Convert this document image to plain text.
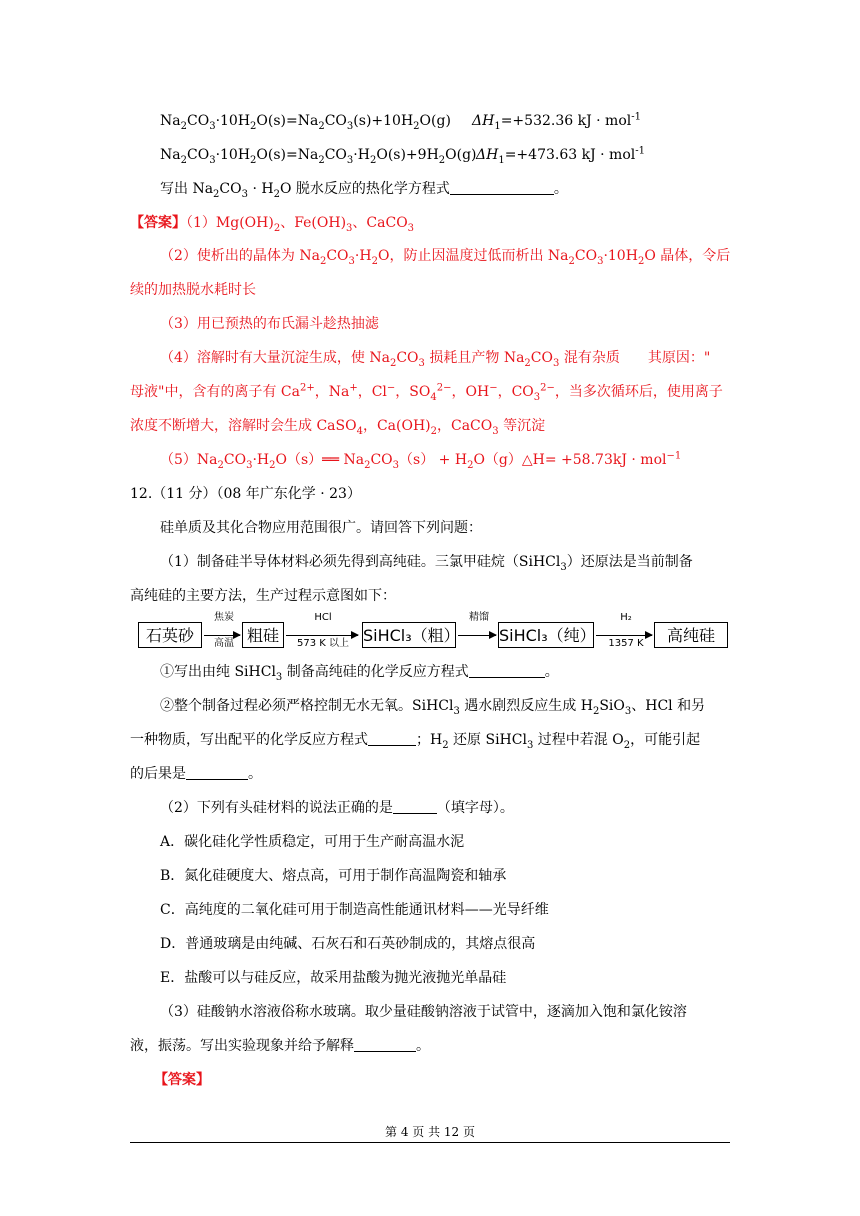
$Na_2CO_3\cdot 10H_2O(s)=Na_2CO_3(s)+10H_2O(g)$ $\Delta H_1=+532.36$ kJ · mol$^{-1}$
$Na_2CO_3\cdot 10H_2O(s)=Na_2CO_3\cdot H_2O(s)+9H_2O(g)$ $\Delta H_1=+473.63$ kJ · mol$^{-1}$
写出 $Na_2CO_3 \cdot H_2O$ 脱水反应的热化学方程式	。
【答案】$(1)Mg(OH)_2$、$Fe(OH)_3$、CaCO$_3$
（2）使析出的晶体为 $Na_2CO_3\cdot H_2O$，防止因温度过低而析出 $Na_2CO_3\cdot 10H_2O$ 晶体，令后
续的加热脱水耗时长
（3）用已预热的布氏漏斗趁热抽滤
（4）溶解时有大量沉淀生成，使 $Na_2CO_3$ 损耗且产物 $Na_2CO_3$ 混有杂质 其原因："
母液"中，含有的离子有 $Ca^{2+}$，Na+，Cl−，$SO_4^{2-}$，OH−，$CO_3^{2-}$，当多次循环后，使用离子
浓度不断增大，溶解时会生成 CaSO$_4$，$Ca(OH)_2$，CaCO$_3$ 等沉淀
$(5)Na_2CO_3\cdot H_2O(s)══$ $Na_2CO_3(s)$ + $H_2O(g)\triangle H= +58.73kJ \cdot mol^{-1}$
12.（11 分）（08 年广东化学 · 23）
硅单质及其化合物应用范围很广。请回答下列问题：
（1）制备硅半导体材料必须先得到高纯硅。三氯甲硅烷（SiHCl$_3$）还原法是当前制备
高纯硅的主要方法，生产过程示意图如下：
石英砂
焦炭
高温 粗硅
HCl
573 K 以上 SiHCl₃（粗）
精馏
SiHCl₃（纯）
H₂
1357 K	高纯硅
①写出由纯 SiHCl$_3$ 制备高纯硅的化学反应方程式	。
②整个制备过程必须严格控制无水无氧。SiHCl$_3$ 遇水剧烈反应生成 $H_2SiO_3$、HCl 和另
一种物质，写出配平的化学反应方程式	；$H_2$ 还原 SiHCl$_3$ 过程中若混 $O_2$，可能引起
的后果是	。
（2）下列有头硅材料的说法正确的是	（填字母）。
A．碳化硅化学性质稳定，可用于生产耐高温水泥
B．氮化硅硬度大、熔点高，可用于制作高温陶瓷和轴承
C．高纯度的二氧化硅可用于制造高性能通讯材料——光导纤维
D．普通玻璃是由纯碱、石灰石和石英砂制成的，其熔点很高
E．盐酸可以与硅反应，故采用盐酸为抛光液抛光单晶硅
（3）硅酸钠水溶液俗称水玻璃。取少量硅酸钠溶液于试管中，逐滴加入饱和氯化铵溶
液，振荡。写出实验现象并给予解释	。
【答案】
第 4 页 共 12 页
